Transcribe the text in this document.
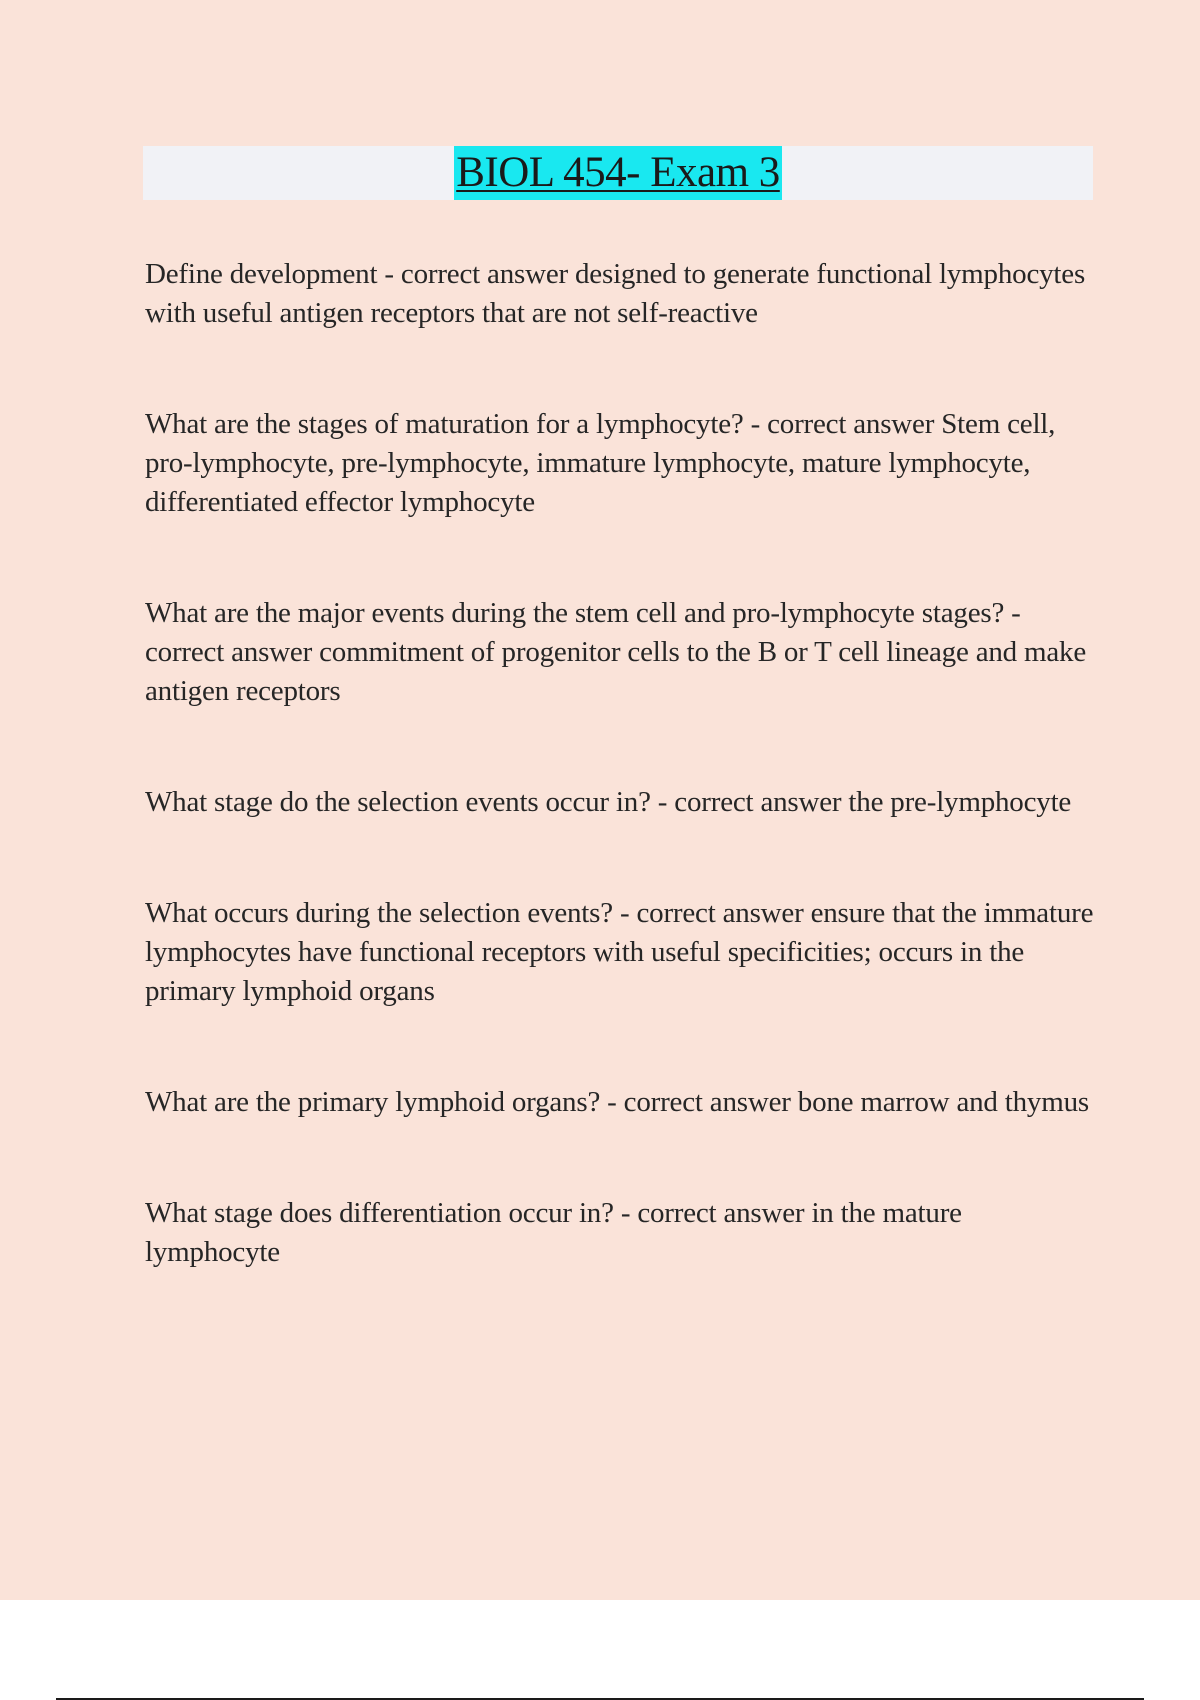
BIOL 454- Exam 3

Define development - correct answer designed to generate functional lymphocytes with useful antigen receptors that are not self-reactive

What are the stages of maturation for a lymphocyte? - correct answer Stem cell, pro-lymphocyte, pre-lymphocyte, immature lymphocyte, mature lymphocyte, differentiated effector lymphocyte

What are the major events during the stem cell and pro-lymphocyte stages? - correct answer commitment of progenitor cells to the B or T cell lineage and make antigen receptors

What stage do the selection events occur in? - correct answer the pre-lymphocyte

What occurs during the selection events? - correct answer ensure that the immature lymphocytes have functional receptors with useful specificities; occurs in the primary lymphoid organs

What are the primary lymphoid organs? - correct answer bone marrow and thymus

What stage does differentiation occur in? - correct answer in the mature lymphocyte
